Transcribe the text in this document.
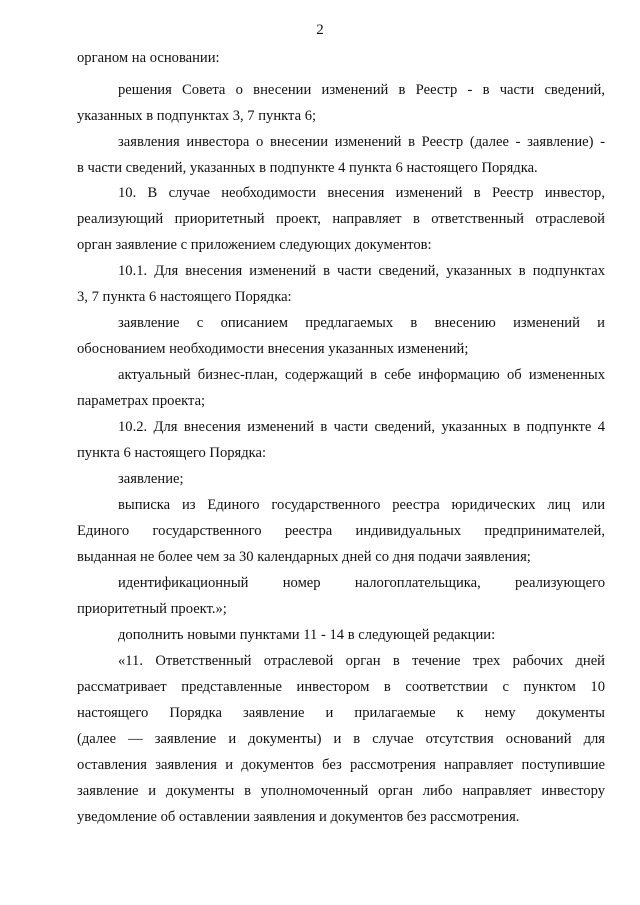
2
органом на основании:
решения Совета о внесении изменений в Реестр - в части сведений,
указанных в подпунктах 3, 7 пункта 6;
заявления инвестора о внесении изменений в Реестр (далее - заявление) -
в части сведений, указанных в подпункте 4 пункта 6 настоящего Порядка.
10. В случае необходимости внесения изменений в Реестр инвестор,
реализующий приоритетный проект, направляет в ответственный отраслевой
орган заявление с приложением следующих документов:
10.1. Для внесения изменений в части сведений, указанных в подпунктах
3, 7 пункта 6 настоящего Порядка:
заявление с описанием предлагаемых в внесению изменений и
обоснованием необходимости внесения указанных изменений;
актуальный бизнес-план, содержащий в себе информацию об измененных
параметрах проекта;
10.2. Для внесения изменений в части сведений, указанных в подпункте 4
пункта 6 настоящего Порядка:
заявление;
выписка из Единого государственного реестра юридических лиц или
Единого государственного реестра индивидуальных предпринимателей,
выданная не более чем за 30 календарных дней со дня подачи заявления;
идентификационный номер налогоплательщика, реализующего
приоритетный проект.»;
дополнить новыми пунктами 11 - 14 в следующей редакции:
«11. Ответственный отраслевой орган в течение трех рабочих дней
рассматривает представленные инвестором в соответствии с пунктом 10
настоящего Порядка заявление и прилагаемые к нему документы
(далее — заявление и документы) и в случае отсутствия оснований для
оставления заявления и документов без рассмотрения направляет поступившие
заявление и документы в уполномоченный орган либо направляет инвестору
уведомление об оставлении заявления и документов без рассмотрения.
